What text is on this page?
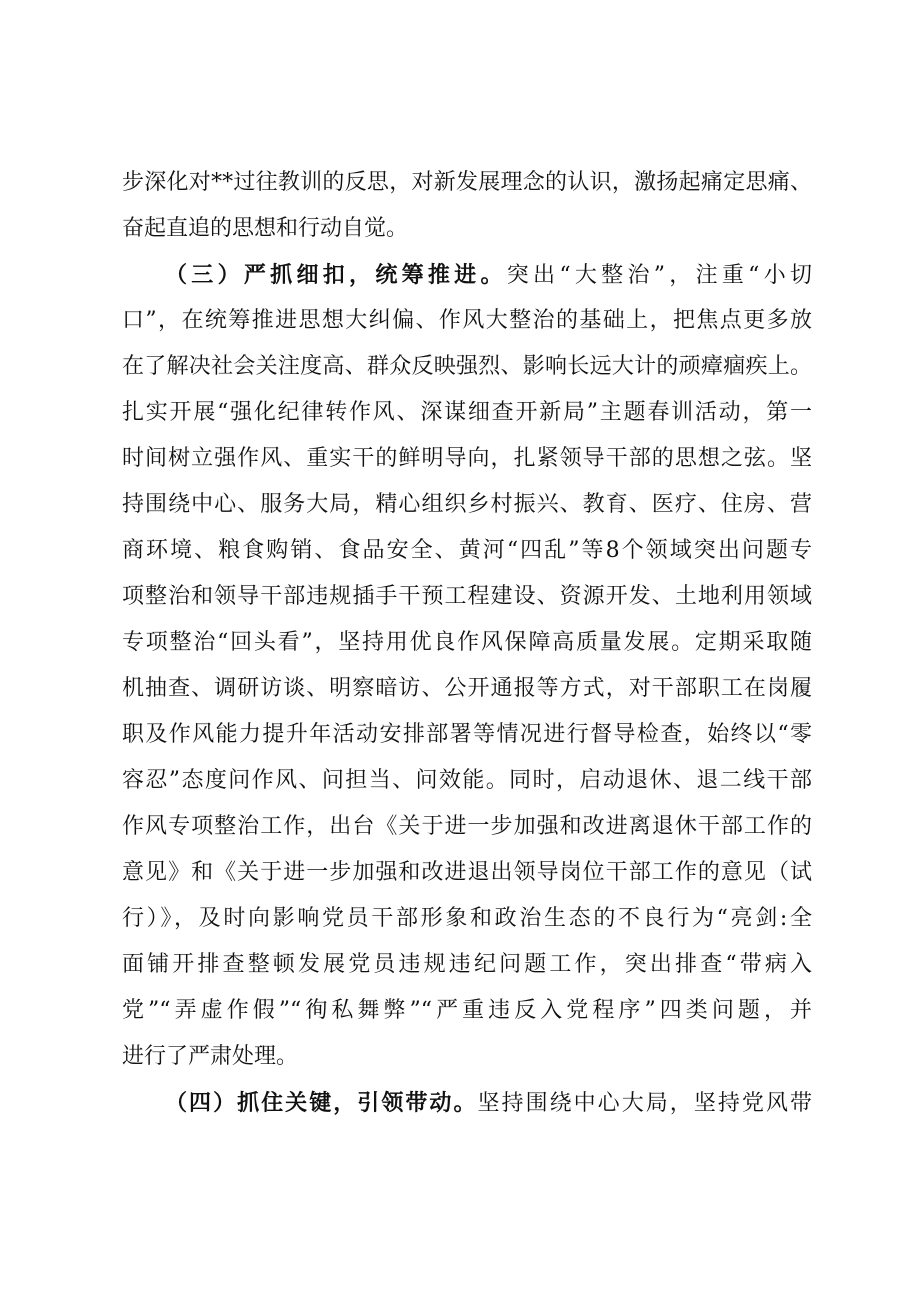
步深化对**过往教训的反思，对新发展理念的认识，激扬起痛定思痛、
奋起直追的思想和行动自觉。
（三）严抓细扣，统筹推进。突出“大整治”，注重“小切
口”，在统筹推进思想大纠偏、作风大整治的基础上，把焦点更多放
在了解决社会关注度高、群众反映强烈、影响长远大计的顽瘴痼疾上。
扎实开展“强化纪律转作风、深谋细查开新局”主题春训活动，第一
时间树立强作风、重实干的鲜明导向，扎紧领导干部的思想之弦。坚
持围绕中心、服务大局，精心组织乡村振兴、教育、医疗、住房、营
商环境、粮食购销、食品安全、黄河“四乱”等8个领域突出问题专
项整治和领导干部违规插手干预工程建设、资源开发、土地利用领域
专项整治“回头看”，坚持用优良作风保障高质量发展。定期采取随
机抽查、调研访谈、明察暗访、公开通报等方式，对干部职工在岗履
职及作风能力提升年活动安排部署等情况进行督导检查，始终以“零
容忍”态度问作风、问担当、问效能。同时，启动退休、退二线干部
作风专项整治工作，出台《关于进一步加强和改进离退休干部工作的
意见》和《关于进一步加强和改进退出领导岗位干部工作的意见（试
行）》，及时向影响党员干部形象和政治生态的不良行为“亮剑:全
面铺开排查整顿发展党员违规违纪问题工作，突出排查“带病入
党”“弄虚作假”“徇私舞弊”“严重违反入党程序”四类问题，并
进行了严肃处理。
（四）抓住关键，引领带动。坚持围绕中心大局，坚持党风带
